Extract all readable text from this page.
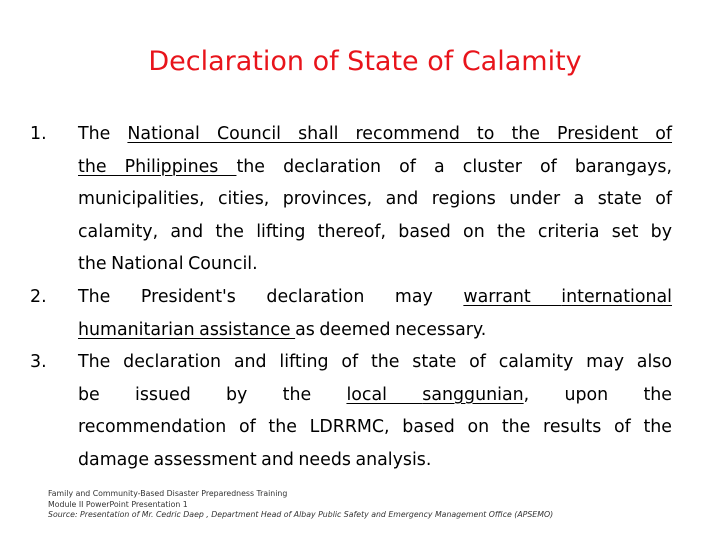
Declaration of State of Calamity
1.	The National Council shall recommend to the President of
the Philippines the declaration of a cluster of barangays,
municipalities, cities, provinces, and regions under a state of
calamity, and the lifting thereof, based on the criteria set by
the National Council.
2.	The President's declaration may warrant international
humanitarian assistance as deemed necessary.
3.	The declaration and lifting of the state of calamity may also
be issued by the local sanggunian, upon the
recommendation of the LDRRMC, based on the results of the
damage assessment and needs analysis.
Family and Community-Based Disaster Preparedness Training
Module II PowerPoint Presentation 1
Source: Presentation of Mr. Cedric Daep , Department Head of Albay Public Safety and Emergency Management Office (APSEMO)
